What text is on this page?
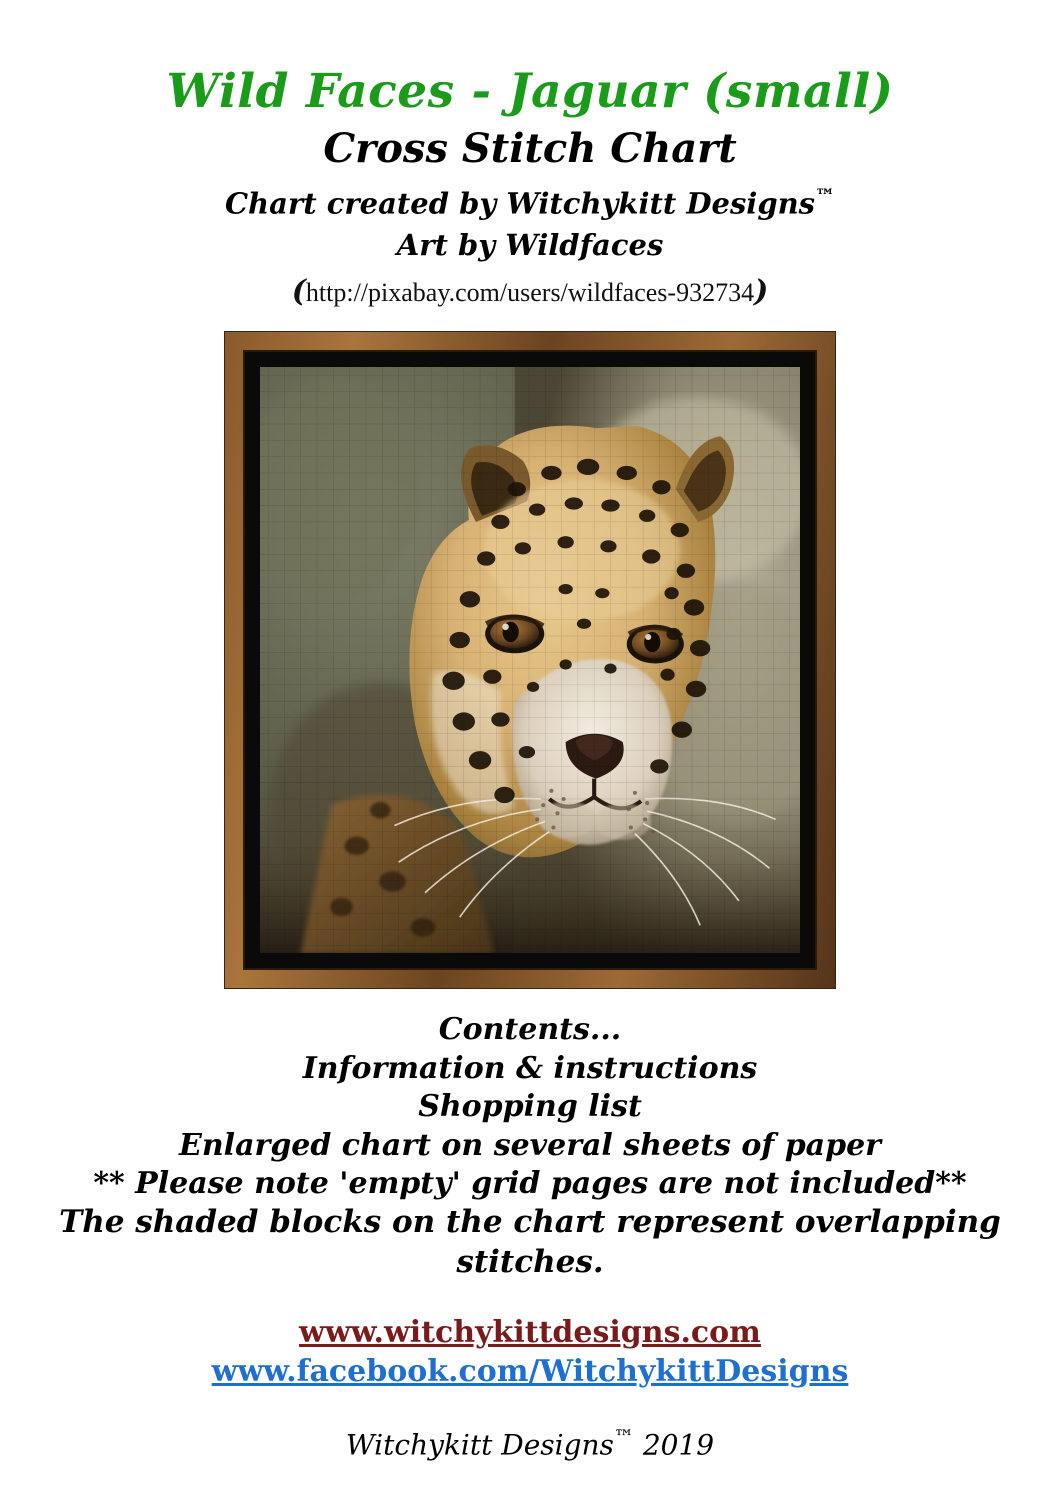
Wild Faces - Jaguar (small)
Cross Stitch Chart
Chart created by Witchykitt Designs™
Art by Wildfaces
(http://pixabay.com/users/wildfaces-932734)
Contents...
Information & instructions
Shopping list
Enlarged chart on several sheets of paper
** Please note 'empty' grid pages are not included**
The shaded blocks on the chart represent overlapping stitches.
www.witchykittdesigns.com
www.facebook.com/WitchykittDesigns
Witchykitt Designs™ 2019
